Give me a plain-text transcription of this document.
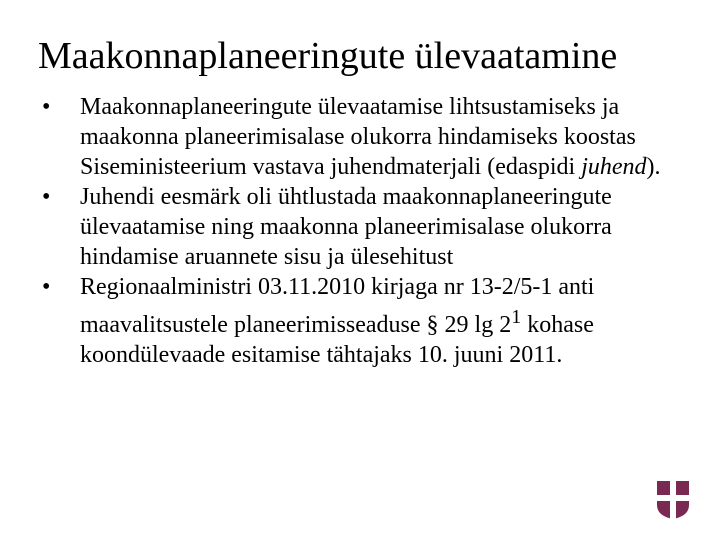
Maakonnaplaneeringute ülevaatamine
•	Maakonnaplaneeringute ülevaatamise lihtsustamiseks ja maakonna planeerimisalase olukorra hindamiseks koostas Siseministeerium vastava juhendmaterjali (edaspidi juhend).
•	Juhendi eesmärk oli ühtlustada maakonnaplaneeringute ülevaatamise ning maakonna planeerimisalase olukorra hindamise aruannete sisu ja ülesehitust
•	Regionaalministri 03.11.2010 kirjaga nr 13-2/5-1 anti maavalitsustele planeerimisseaduse § 29 $\lg 2^1$ kohase koondülevaade esitamise tähtajaks 10. juuni 2011.
